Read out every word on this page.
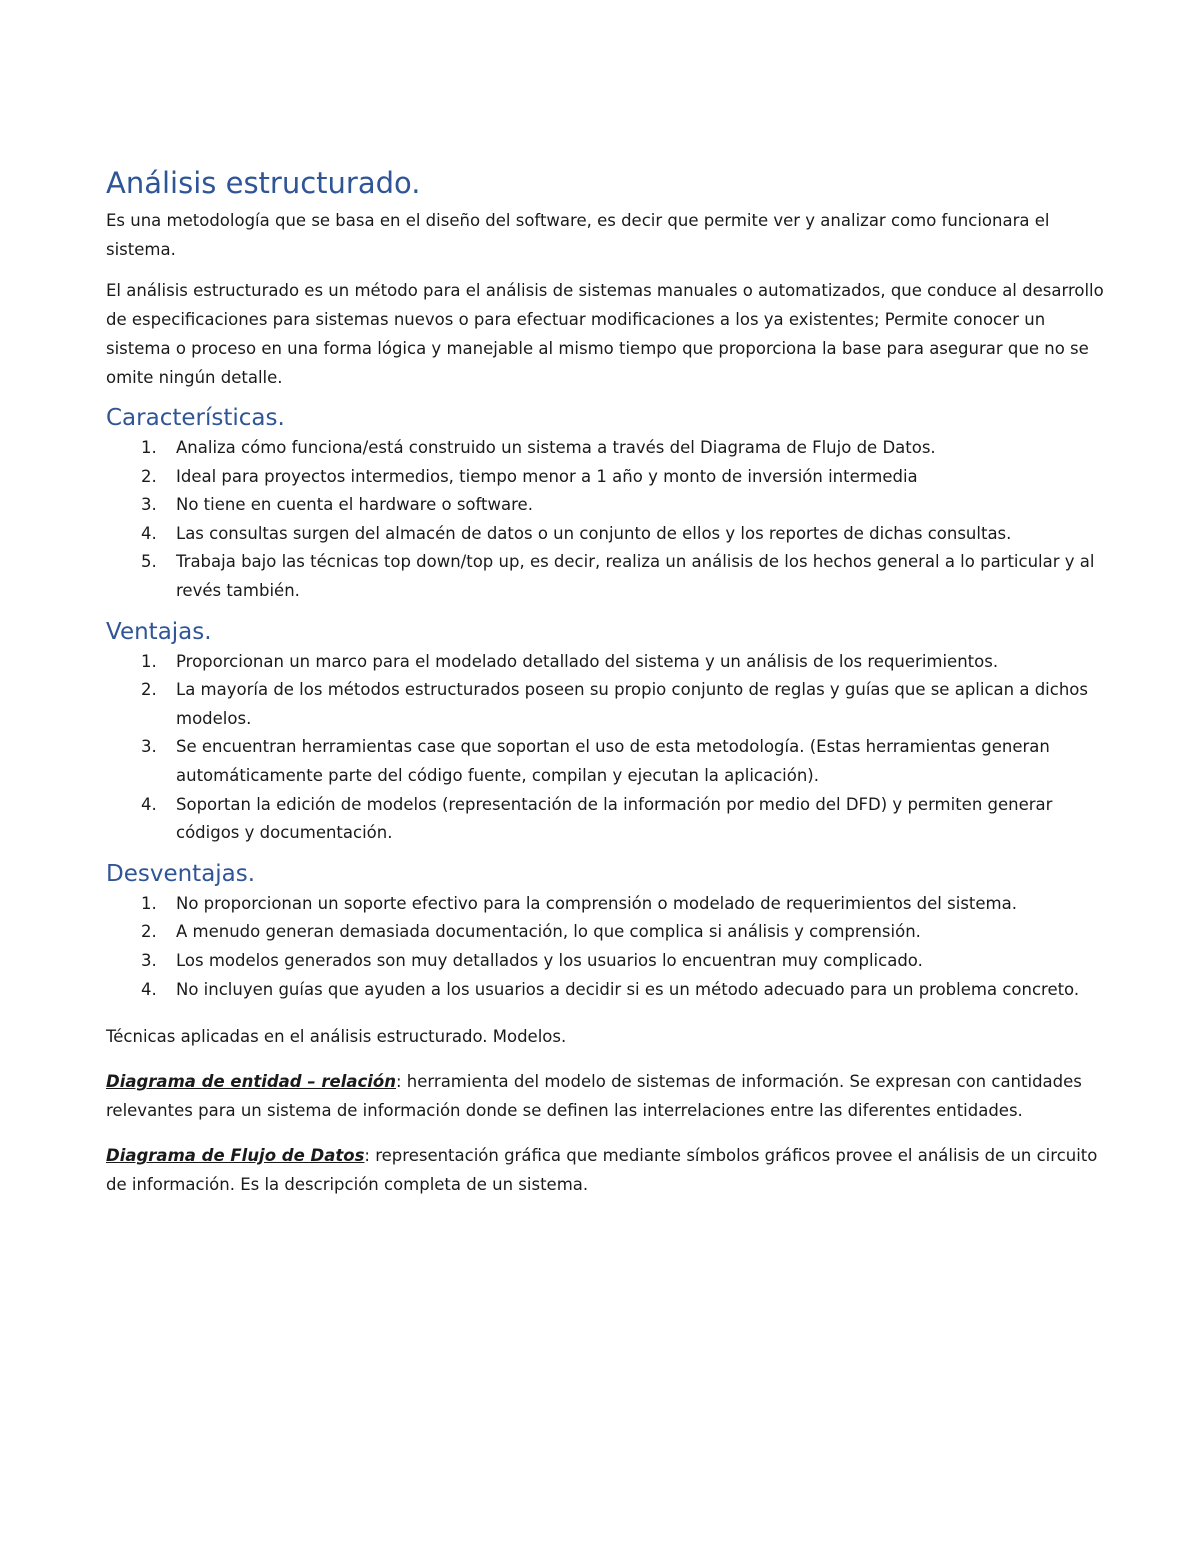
Análisis estructurado.

Es una metodología que se basa en el diseño del software, es decir que permite ver y analizar como funcionara el sistema.

El análisis estructurado es un método para el análisis de sistemas manuales o automatizados, que conduce al desarrollo de especificaciones para sistemas nuevos o para efectuar modificaciones a los ya existentes; Permite conocer un sistema o proceso en una forma lógica y manejable al mismo tiempo que proporciona la base para asegurar que no se omite ningún detalle.

Características.
1. Analiza cómo funciona/está construido un sistema a través del Diagrama de Flujo de Datos.
2. Ideal para proyectos intermedios, tiempo menor a 1 año y monto de inversión intermedia
3. No tiene en cuenta el hardware o software.
4. Las consultas surgen del almacén de datos o un conjunto de ellos y los reportes de dichas consultas.
5. Trabaja bajo las técnicas top down/top up, es decir, realiza un análisis de los hechos general a lo particular y al revés también.
Ventajas.
1. Proporcionan un marco para el modelado detallado del sistema y un análisis de los requerimientos.
2. La mayoría de los métodos estructurados poseen su propio conjunto de reglas y guías que se aplican a dichos modelos.
3. Se encuentran herramientas case que soportan el uso de esta metodología. (Estas herramientas generan automáticamente parte del código fuente, compilan y ejecutan la aplicación).
4. Soportan la edición de modelos (representación de la información por medio del DFD) y permiten generar códigos y documentación.
Desventajas.
1. No proporcionan un soporte efectivo para la comprensión o modelado de requerimientos del sistema.
2. A menudo generan demasiada documentación, lo que complica si análisis y comprensión.
3. Los modelos generados son muy detallados y los usuarios lo encuentran muy complicado.
4. No incluyen guías que ayuden a los usuarios a decidir si es un método adecuado para un problema concreto.

Técnicas aplicadas en el análisis estructurado. Modelos.

Diagrama de entidad – relación: herramienta del modelo de sistemas de información. Se expresan con cantidades relevantes para un sistema de información donde se definen las interrelaciones entre las diferentes entidades.

Diagrama de Flujo de Datos: representación gráfica que mediante símbolos gráficos provee el análisis de un circuito de información. Es la descripción completa de un sistema.
